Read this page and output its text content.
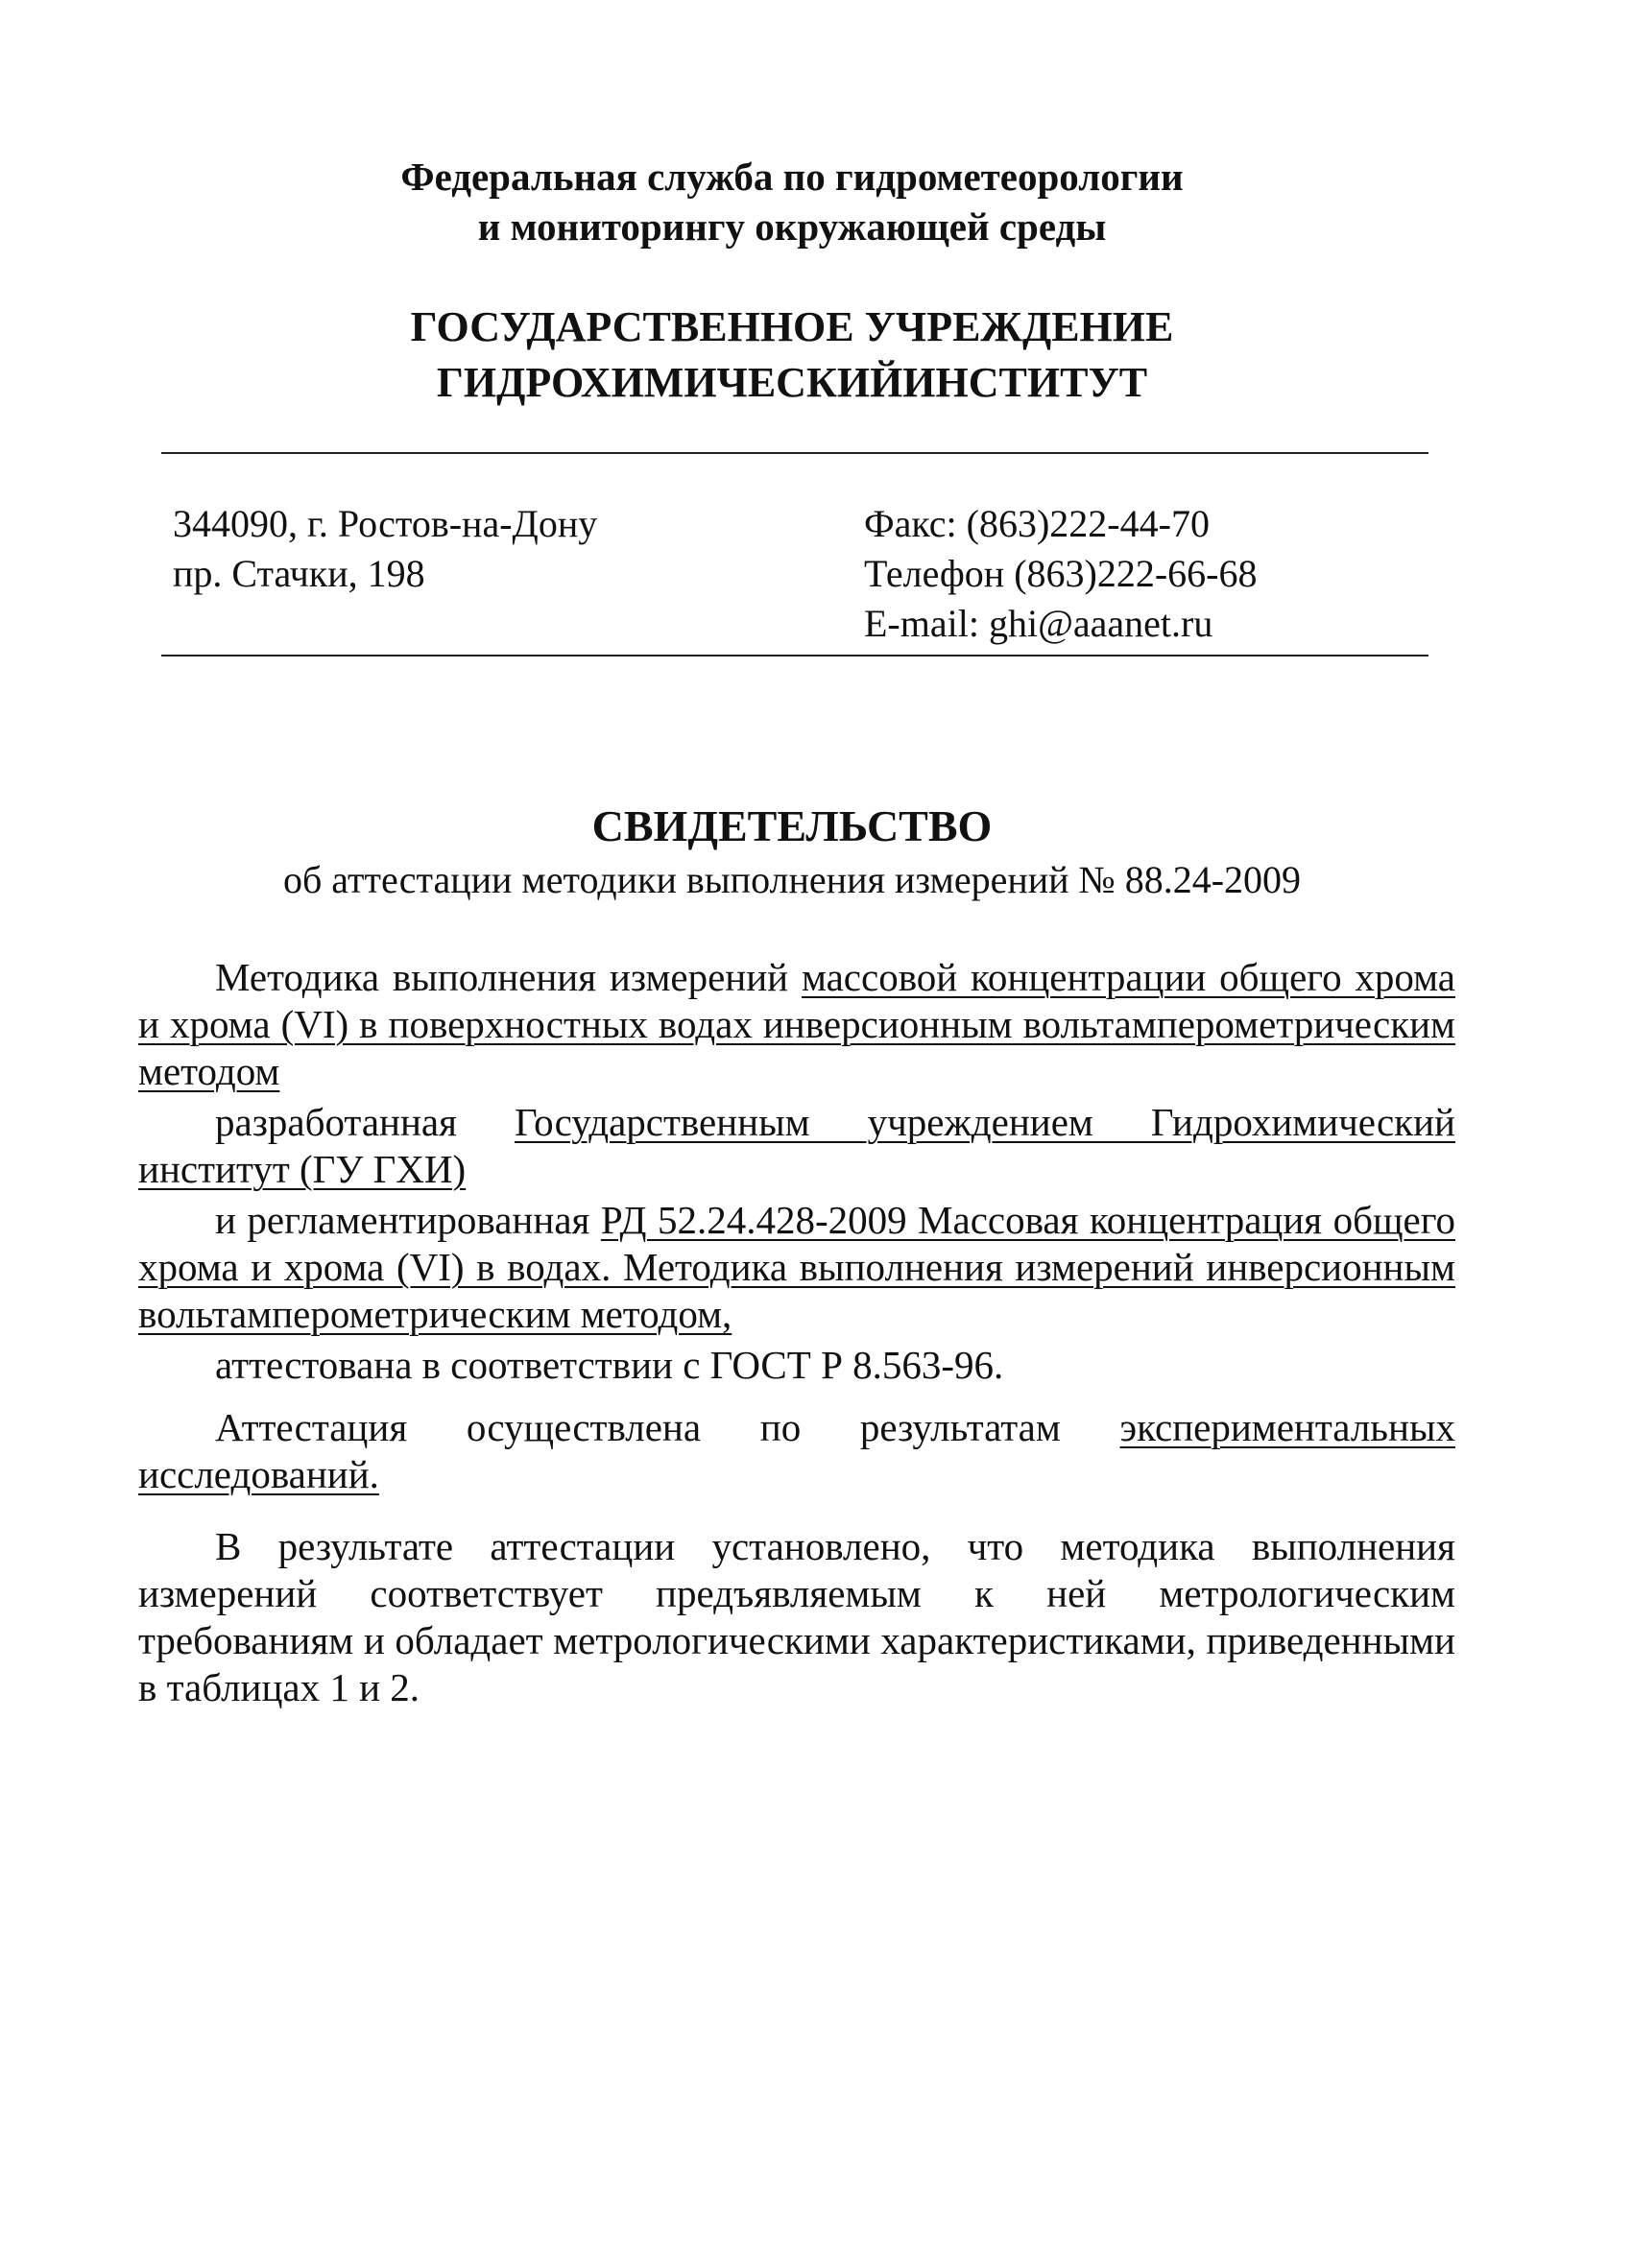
Федеральная служба по гидрометеорологии
и мониторингу окружающей среды
ГОСУДАРСТВЕННОЕ УЧРЕЖДЕНИЕ
ГИДРОХИМИЧЕСКИЙИНСТИТУТ
344090, г. Ростов-на-Дону
пр. Стачки, 198
Факс: (863)222-44-70
Телефон (863)222-66-68
E-mail: ghi@aaanet.ru
СВИДЕТЕЛЬСТВО
об аттестации методики выполнения измерений № 88.24-2009

Методика выполнения измерений массовой концентрации общего хрома и хрома (VI) в поверхностных водах инверсионным вольтамперометрическим методом

разработанная Государственным учреждением Гидрохимический институт (ГУ ГХИ)

и регламентированная РД 52.24.428-2009 Массовая концентрация общего хрома и хрома (VI) в водах. Методика выполнения измерений инверсионным вольтамперометрическим методом,

аттестована в соответствии с ГОСТ Р 8.563-96.

Аттестация осуществлена по результатам экспериментальных исследований.

В результате аттестации установлено, что методика выполнения измерений соответствует предъявляемым к ней метрологическим требованиям и обладает метрологическими характеристиками, приведенными в таблицах 1 и 2.
